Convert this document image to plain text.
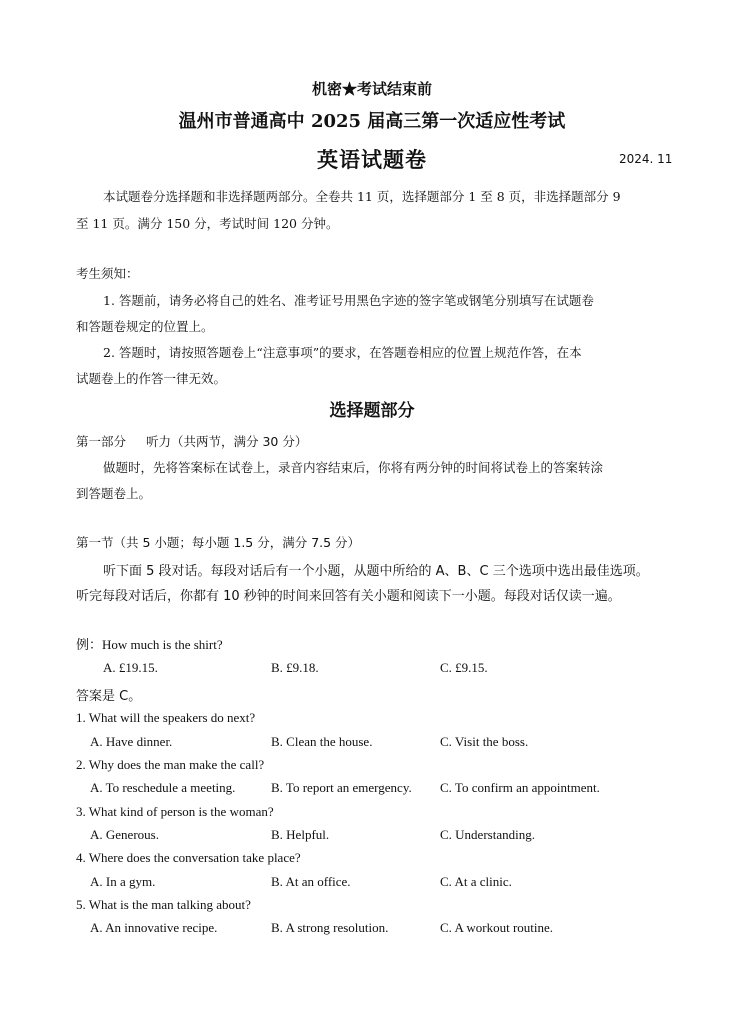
机密★考试结束前
温州市普通高中 2025 届高三第一次适应性考试
英语试题卷	2024. 11
本试题卷分选择题和非选择题两部分。全卷共 11 页，选择题部分 1 至 8 页，非选择题部分 9
至 11 页。满分 150 分，考试时间 120 分钟。
考生须知：
1. 答题前，请务必将自己的姓名、准考证号用黑色字迹的签字笔或钢笔分别填写在试题卷
和答题卷规定的位置上。
2. 答题时，请按照答题卷上“注意事项”的要求，在答题卷相应的位置上规范作答，在本
试题卷上的作答一律无效。
选择题部分
第一部分 听力（共两节，满分 30 分）
做题时，先将答案标在试卷上，录音内容结束后，你将有两分钟的时间将试卷上的答案转涂
到答题卷上。
第一节（共 5 小题；每小题 1.5 分，满分 7.5 分）
听下面 5 段对话。每段对话后有一个小题，从题中所给的 A、B、C 三个选项中选出最佳选项。
听完每段对话后，你都有 10 秒钟的时间来回答有关小题和阅读下一小题。每段对话仅读一遍。
例：How much is the shirt?
A. £19.15.	B. £9.18.	C. £9.15.
答案是 C。
1. What will the speakers do next?
A. Have dinner.	B. Clean the house.	C. Visit the boss.
2. Why does the man make the call?
A. To reschedule a meeting.	B. To report an emergency. C. To confirm an appointment.
3. What kind of person is the woman?
A. Generous.	B. Helpful.	C. Understanding.
4. Where does the conversation take place?
A. In a gym.	B. At an office.	C. At a clinic.
5. What is the man talking about?
A. An innovative recipe.	B. A strong resolution.	C. A workout routine.
